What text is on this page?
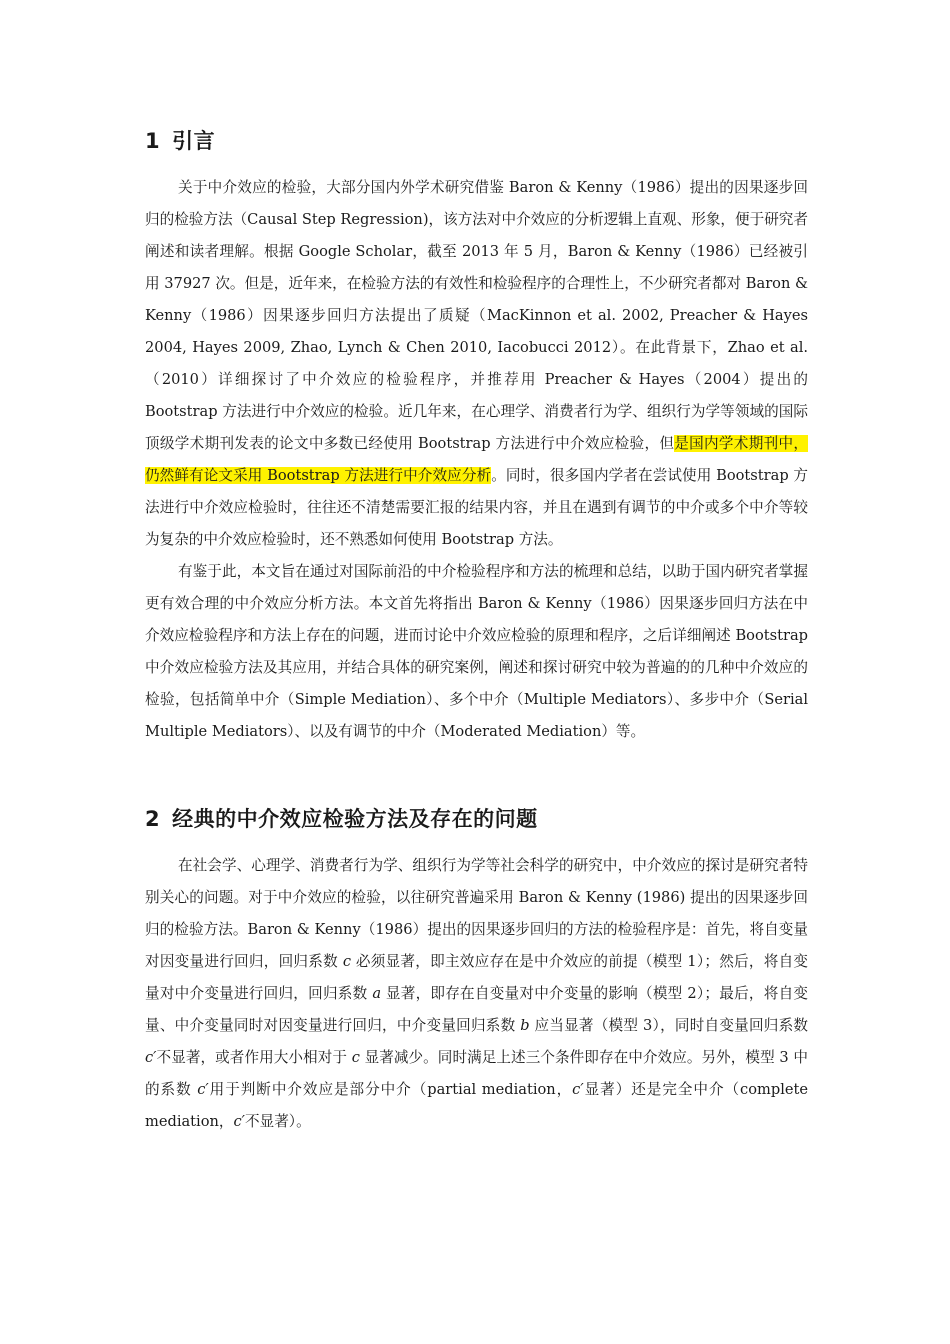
1 引言

关于中介效应的检验，大部分国内外学术研究借鉴 Baron & Kenny（1986）提出的因果逐步回归的检验方法（Causal Step Regression)，该方法对中介效应的分析逻辑上直观、形象，便于研究者阐述和读者理解。根据 Google Scholar，截至 2013 年 5 月，Baron & Kenny（1986）已经被引用 37927 次。但是，近年来，在检验方法的有效性和检验程序的合理性上，不少研究者都对 Baron & Kenny（1986）因果逐步回归方法提出了质疑（MacKinnon et al. 2002, Preacher & Hayes 2004, Hayes 2009, Zhao, Lynch & Chen 2010, Iacobucci 2012）。在此背景下，Zhao et al.（2010）详细探讨了中介效应的检验程序，并推荐用 Preacher & Hayes（2004）提出的 Bootstrap 方法进行中介效应的检验。近几年来，在心理学、消费者行为学、组织行为学等领域的国际顶级学术期刊发表的论文中多数已经使用 Bootstrap 方法进行中介效应检验，但是国内学术期刊中，仍然鲜有论文采用 Bootstrap 方法进行中介效应分析。同时，很多国内学者在尝试使用 Bootstrap 方法进行中介效应检验时，往往还不清楚需要汇报的结果内容，并且在遇到有调节的中介或多个中介等较为复杂的中介效应检验时，还不熟悉如何使用 Bootstrap 方法。

有鉴于此，本文旨在通过对国际前沿的中介检验程序和方法的梳理和总结，以助于国内研究者掌握更有效合理的中介效应分析方法。本文首先将指出 Baron & Kenny（1986）因果逐步回归方法在中介效应检验程序和方法上存在的问题，进而讨论中介效应检验的原理和程序，之后详细阐述 Bootstrap 中介效应检验方法及其应用，并结合具体的研究案例，阐述和探讨研究中较为普遍的的几种中介效应的检验，包括简单中介（Simple Mediation）、多个中介（Multiple Mediators）、多步中介（Serial Multiple Mediators）、以及有调节的中介（Moderated Mediation）等。

2 经典的中介效应检验方法及存在的问题

在社会学、心理学、消费者行为学、组织行为学等社会科学的研究中，中介效应的探讨是研究者特别关心的问题。对于中介效应的检验，以往研究普遍采用 Baron & Kenny (1986) 提出的因果逐步回归的检验方法。Baron & Kenny（1986）提出的因果逐步回归的方法的检验程序是：首先，将自变量对因变量进行回归，回归系数 c 必须显著，即主效应存在是中介效应的前提（模型 1）；然后，将自变量对中介变量进行回归，回归系数 a 显著，即存在自变量对中介变量的影响（模型 2）；最后，将自变量、中介变量同时对因变量进行回归，中介变量回归系数 b 应当显著（模型 3），同时自变量回归系数 c′不显著，或者作用大小相对于 c 显著减少。同时满足上述三个条件即存在中介效应。另外，模型 3 中的系数 c′用于判断中介效应是部分中介（partial mediation，c′显著）还是完全中介（complete mediation，c′不显著）。
